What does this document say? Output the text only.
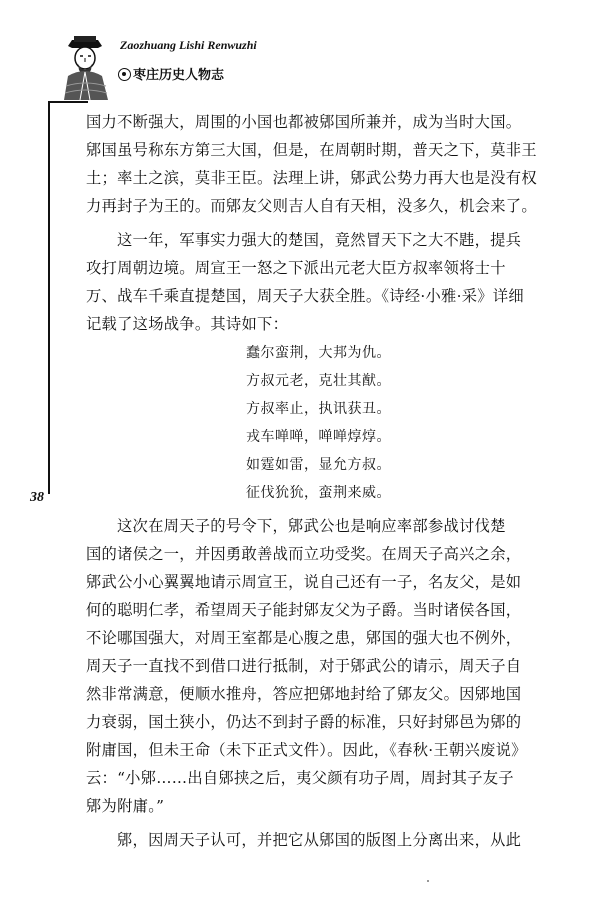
Zaozhuang Lishi Renwuzhi
枣庄历史人物志
38
国力不断强大，周围的小国也都被郳国所兼并，成为当时大国。
郳国虽号称东方第三大国，但是，在周朝时期，普天之下，莫非王
土；率土之滨，莫非王臣。法理上讲，郳武公势力再大也是没有权
力再封子为王的。而郳友父则吉人自有天相，没多久，机会来了。
这一年，军事实力强大的楚国，竟然冒天下之大不韪，提兵
攻打周朝边境。周宣王一怒之下派出元老大臣方叔率领将士十
万、战车千乘直提楚国，周天子大获全胜。《诗经·小雅·采》详细
记载了这场战争。其诗如下：
蠢尔蛮荆，大邦为仇。
方叔元老，克壮其猷。
方叔率止，执讯获丑。
戎车啴啴，啴啴焞焞。
如霆如雷，显允方叔。
征伐狁狁，蛮荆来威。
这次在周天子的号令下，郳武公也是响应率部参战讨伐楚
国的诸侯之一，并因勇敢善战而立功受奖。在周天子高兴之余，
郳武公小心翼翼地请示周宣王，说自己还有一子，名友父，是如
何的聪明仁孝，希望周天子能封郳友父为子爵。当时诸侯各国，
不论哪国强大，对周王室都是心腹之患，郳国的强大也不例外，
周天子一直找不到借口进行抵制，对于郳武公的请示，周天子自
然非常满意，便顺水推舟，答应把郳地封给了郳友父。因郳地国
力衰弱，国土狭小，仍达不到封子爵的标准，只好封郳邑为郳的
附庸国，但未王命（未下正式文件）。因此，《春秋·王朝兴废说》
云：“小郳……出自郳挟之后，夷父颜有功子周，周封其子友子
郳为附庸。”
郳，因周天子认可，并把它从郳国的版图上分离出来，从此
